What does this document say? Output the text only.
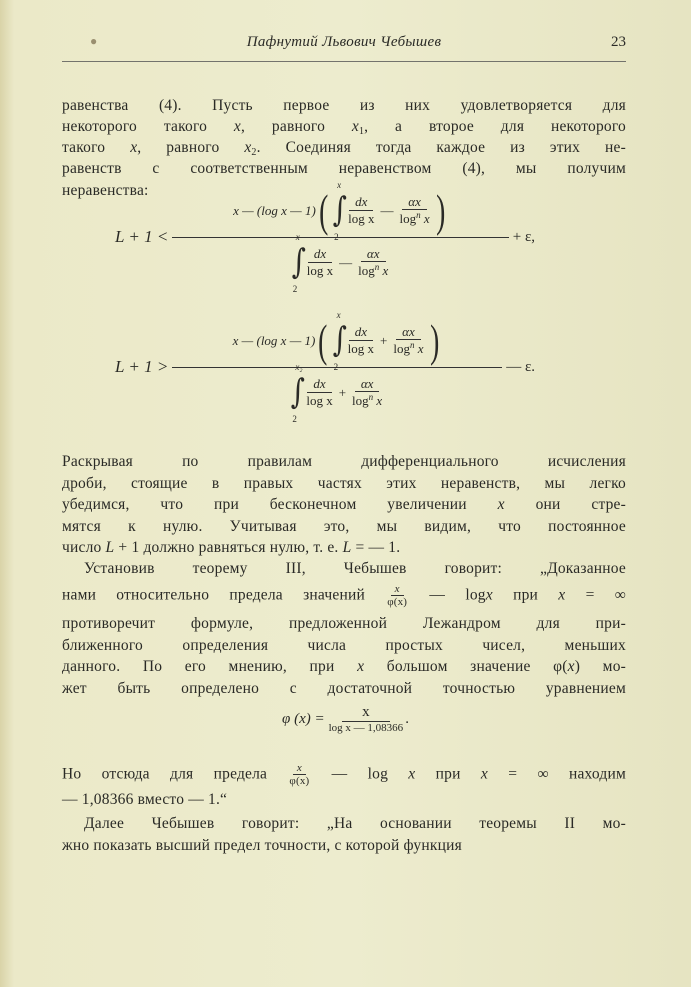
●	Пафнутий Львович Чебышев	23
равенства (4). Пусть первое из них удовлетворяется для
некоторого такого x, равного $x_1$, а второе для некоторого
такого x, равного $x_2$. Соединяя тогда каждое из этих не-
равенств с соответственным неравенством (4), мы получим
неравенства:
Раскрывая по правилам дифференциального исчисления
дроби, стоящие в правых частях этих неравенств, мы легко
убедимся, что при бесконечном увеличении x они стре-
мятся к нулю. Учитывая это, мы видим, что постоянное
число L + 1 должно равняться нулю, т. е. L = — 1.
Установив теорему III, Чебышев говорит: „Доказанное
нами относительно предела значений $\frac{x}{\varphi(x)}$ — logx при x = ∞
противоречит формуле, предложенной Лежандром для при-
ближенного определения числа простых чисел, меньших
данного. По его мнению, при x большом значение φ(x) мо-
жет быть определено с достаточной точностью уравнением
Но отсюда для предела $\frac{x}{\varphi(x)}$ — log x при x = ∞ находим
— 1,08366 вместо — 1.“
Далее Чебышев говорит: „На основании теоремы II мо-
жно показать высший предел точности, с которой функция
L + 1 <
x — (log x — 1) ( ∫
x
2
dx
log x
—
αx
$\log^n x$ )
∫
x
2
dx
log x
—
αx
$\log^n x$
+ ε,
L + 1 >
x — (log x — 1) ( ∫
x
2
dx
log x
+ $\frac{\alpha x}{\log^n x}$ )
∫
x₂
2
dx
log x
+ $\frac{\alpha x}{\log^n x}$
— ε.
φ $(x) = \frac{x}{\text{log x — 1,08366}}$ .
